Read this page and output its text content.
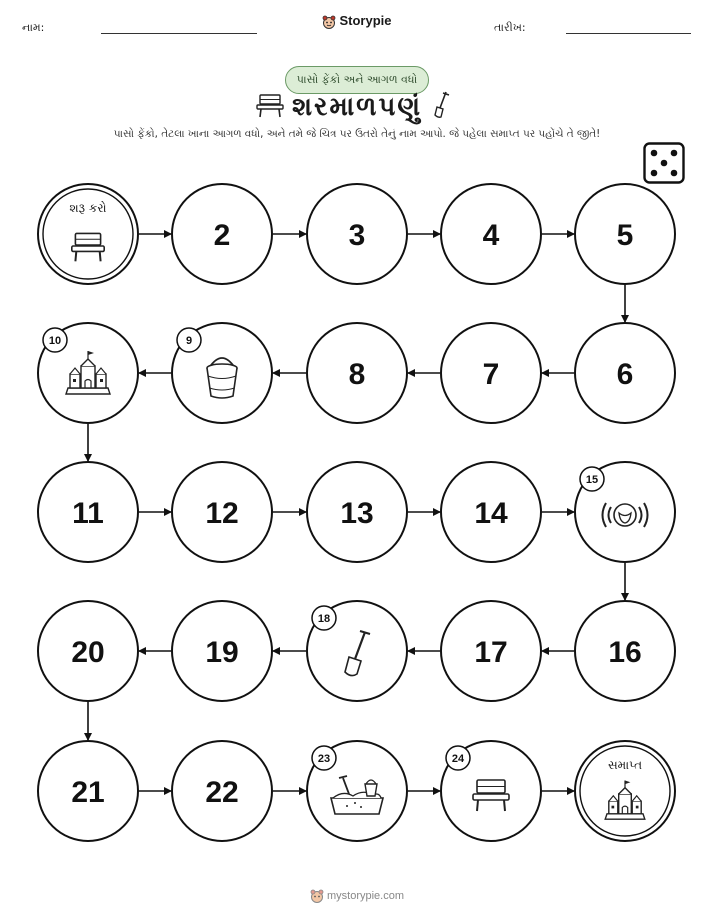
નામ:	Storypie	તારીખ:
પાસો ફેંકો અને આગળ વધો
શરમાળપણું
પાસો ફેંકો, તેટલા ખાના આગળ વધો, અને તમે જે ચિત્ર પર ઉતરો તેનું નામ આપો. જે પહેલા સમાપ્ત પર પહોંચે તે જીતે!
શરૂ કરો
2	3	4	5
6
7
8
9
10
11	12	13	14
15
16
17
18
19
20
21	22
23	24	સમાપ્ત
mystorypie.com
